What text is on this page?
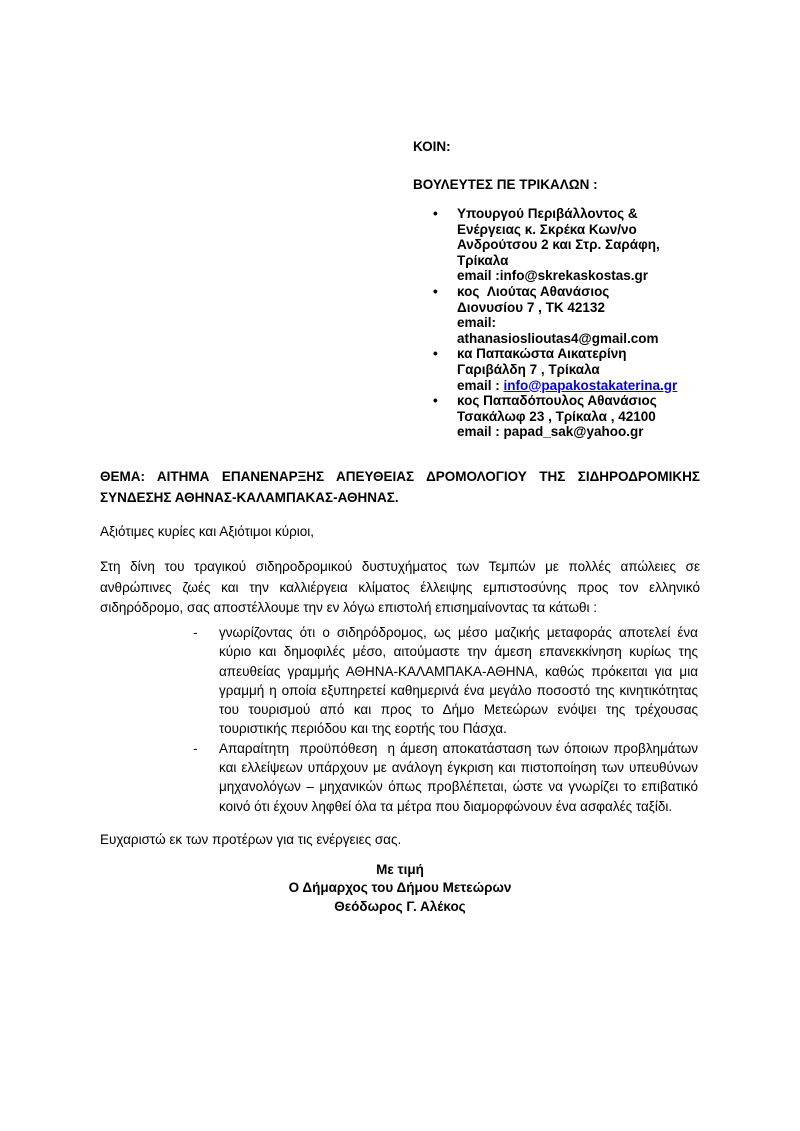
ΚΟΙΝ:
ΒΟΥΛΕΥΤΕΣ ΠΕ ΤΡΙΚΑΛΩΝ :
• Υπουργού Περιβάλλοντος &
Ενέργειας κ. Σκρέκα Κων/νο
Ανδρούτσου 2 και Στρ. Σαράφη,
Τρίκαλα
email :info@skrekaskostas.gr
• κος  Λιούτας Αθανάσιος
Διονυσίου 7 , ΤΚ 42132
email:
athanasioslioutas4@gmail.com
• κα Παπακώστα Αικατερίνη
Γαριβάλδη 7 , Τρίκαλα
email : info@papakostakaterina.gr
• κος Παπαδόπουλος Αθανάσιος
Τσακάλωφ 23 , Τρίκαλα , 42100
email : papad_sak@yahoo.gr
ΘΕΜΑ: ΑΙΤΗΜΑ ΕΠΑΝΕΝΑΡΞΗΣ ΑΠΕΥΘΕΙΑΣ ΔΡΟΜΟΛΟΓΙΟΥ ΤΗΣ ΣΙΔΗΡΟΔΡΟΜΙΚΗΣ ΣΥΝΔΕΣΗΣ ΑΘΗΝΑΣ-ΚΑΛΑΜΠΑΚΑΣ-ΑΘΗΝΑΣ.
Αξιότιμες κυρίες και Αξιότιμοι κύριοι,
Στη δίνη του τραγικού σιδηροδρομικού δυστυχήματος των Τεμπών με πολλές απώλειες σε ανθρώπινες ζωές και την καλλιέργεια κλίματος έλλειψης εμπιστοσύνης προς τον ελληνικό σιδηρόδρομο, σας αποστέλλουμε την εν λόγω επιστολή επισημαίνοντας τα κάτωθι :
- γνωρίζοντας ότι ο σιδηρόδρομος, ως μέσο μαζικής μεταφοράς αποτελεί ένα κύριο και δημοφιλές μέσο, αιτούμαστε την άμεση επανεκκίνηση κυρίως της απευθείας γραμμής ΑΘΗΝΑ-ΚΑΛΑΜΠΑΚΑ-ΑΘΗΝΑ, καθώς πρόκειται για μια γραμμή η οποία εξυπηρετεί καθημερινά ένα μεγάλο ποσοστό της κινητικότητας του τουρισμού από και προς το Δήμο Μετεώρων ενόψει της τρέχουσας τουριστικής περιόδου και της εορτής του Πάσχα.
- Απαραίτητη  προϋπόθεση  η άμεση αποκατάσταση των όποιων προβλημάτων και ελλείψεων υπάρχουν με ανάλογη έγκριση και πιστοποίηση των υπευθύνων μηχανολόγων – μηχανικών όπως προβλέπεται, ώστε να γνωρίζει το επιβατικό κοινό ότι έχουν ληφθεί όλα τα μέτρα που διαμορφώνουν ένα ασφαλές ταξίδι.
Ευχαριστώ εκ των προτέρων για τις ενέργειες σας.
Με τιμή
Ο Δήμαρχος του Δήμου Μετεώρων
Θεόδωρος Γ. Αλέκος
